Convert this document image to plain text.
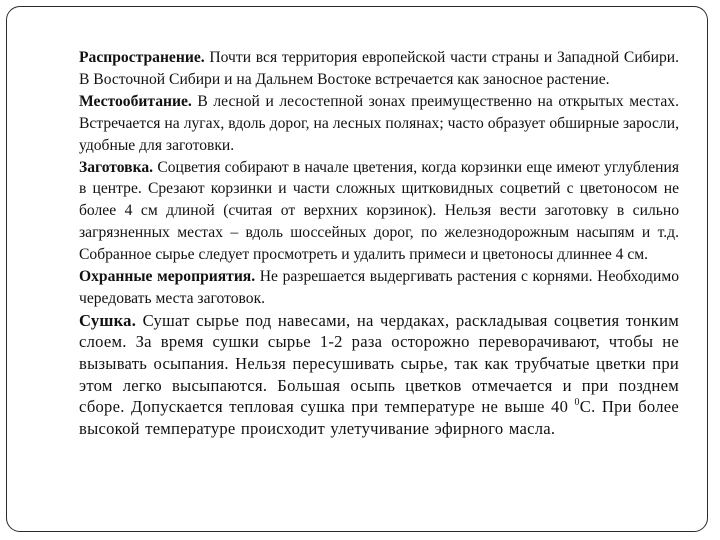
Распространение. Почти вся территория европейской части страны и Западной Сибири. В Восточной Сибири и на Дальнем Востоке встречается как заносное растение.

Местообитание. В лесной и лесостепной зонах преимущественно на открытых местах. Встречается на лугах, вдоль дорог, на лесных полянах; часто образует обширные заросли, удобные для заготовки.

Заготовка. Соцветия собирают в начале цветения, когда корзинки еще имеют углубления в центре. Срезают корзинки и части сложных щитковидных соцветий с цветоносом не более 4 см длиной (считая от верхних корзинок). Нельзя вести заготовку в сильно загрязненных местах – вдоль шоссейных дорог, по железнодорожным насыпям и т.д. Собранное сырье следует просмотреть и удалить примеси и цветоносы длиннее 4 см.

Охранные мероприятия. Не разрешается выдергивать растения с корнями. Необходимо чередовать места заготовок.

Сушка. Сушат сырье под навесами, на чердаках, раскладывая соцветия тонким слоем. За время сушки сырье 1-2 раза осторожно переворачивают, чтобы не вызывать осыпания. Нельзя пересушивать сырье, так как трубчатые цветки при этом легко высыпаются. Большая осыпь цветков отмечается и при позднем сборе. Допускается тепловая сушка при температуре не выше 40 $^0$С. При более высокой температуре происходит улетучивание эфирного масла.
